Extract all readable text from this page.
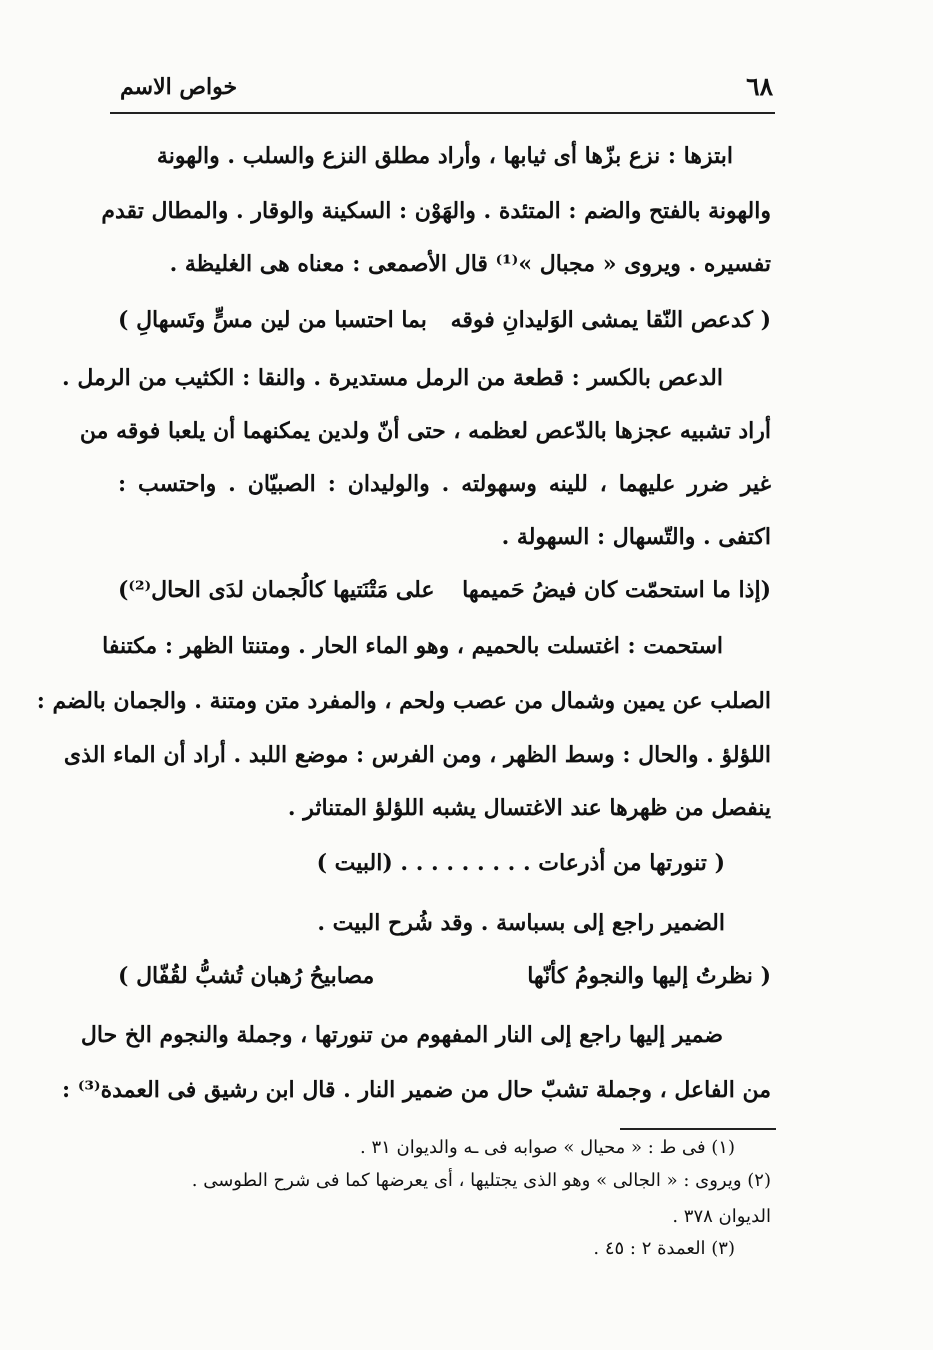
٦٨
خواص الاسم
ابتزها : نزع بزّها أى ثيابها ، وأراد مطلق النزع والسلب . والهونة
والهونة بالفتح والضم : المتئدة . والهَوْن : السكينة والوقار . والمطال تقدم
تفسيره . ويروى « مجبال »⁽¹⁾ قال الأصمعى : معناه هى الغليظة .
( كدعص النّقا يمشى الوَليدانِ فوقه
بما احتسبا من لين مسٍّ وتَسهالِ )
الدعص بالكسر : قطعة من الرمل مستديرة . والنقا : الكثيب من الرمل .
أراد تشبيه عجزها بالدّعص لعظمه ، حتى أنّ ولدين يمكنهما أن يلعبا فوقه من
غير ضرر عليهما ، للينه وسهولته . والوليدان : الصبيّان . واحتسب :
اكتفى . والتّسهال : السهولة .
(إذا ما استحمّت كان فيضُ حَميمها
على مَتْنَتيها كالُجمان لدَى الحال⁽²⁾)
استحمت : اغتسلت بالحميم ، وهو الماء الحار . ومتنتا الظهر : مكتنفا
الصلب عن يمين وشمال من عصب ولحم ، والمفرد متن ومتنة . والجمان بالضم :
اللؤلؤ . والحال : وسط الظهر ، ومن الفرس : موضع اللبد . أراد أن الماء الذى
ينفصل من ظهرها عند الاغتسال يشبه اللؤلؤ المتناثر .
( تنورتها من أذرعات . . . . . . . . . (البيت )
الضمير راجع إلى بسباسة . وقد شُرح البيت .
( نظرتُ إليها والنجومُ كأنّها
مصابيحُ رُهبان تُشبُّ لقُفّال )
ضمير إليها راجع إلى النار المفهوم من تنورتها ، وجملة والنجوم الخ حال
من الفاعل ، وجملة تشبّ حال من ضمير النار . قال ابن رشيق فى العمدة⁽³⁾ :
(١) فى ط : « محيال » صوابه فى ـه والديوان ٣١ .
(٢) ويروى : « الجالى » وهو الذى يجتليها ، أى يعرضها كما فى شرح الطوسى .
الديوان ٣٧٨ .
(٣) العمدة ٢ : ٤٥ .
